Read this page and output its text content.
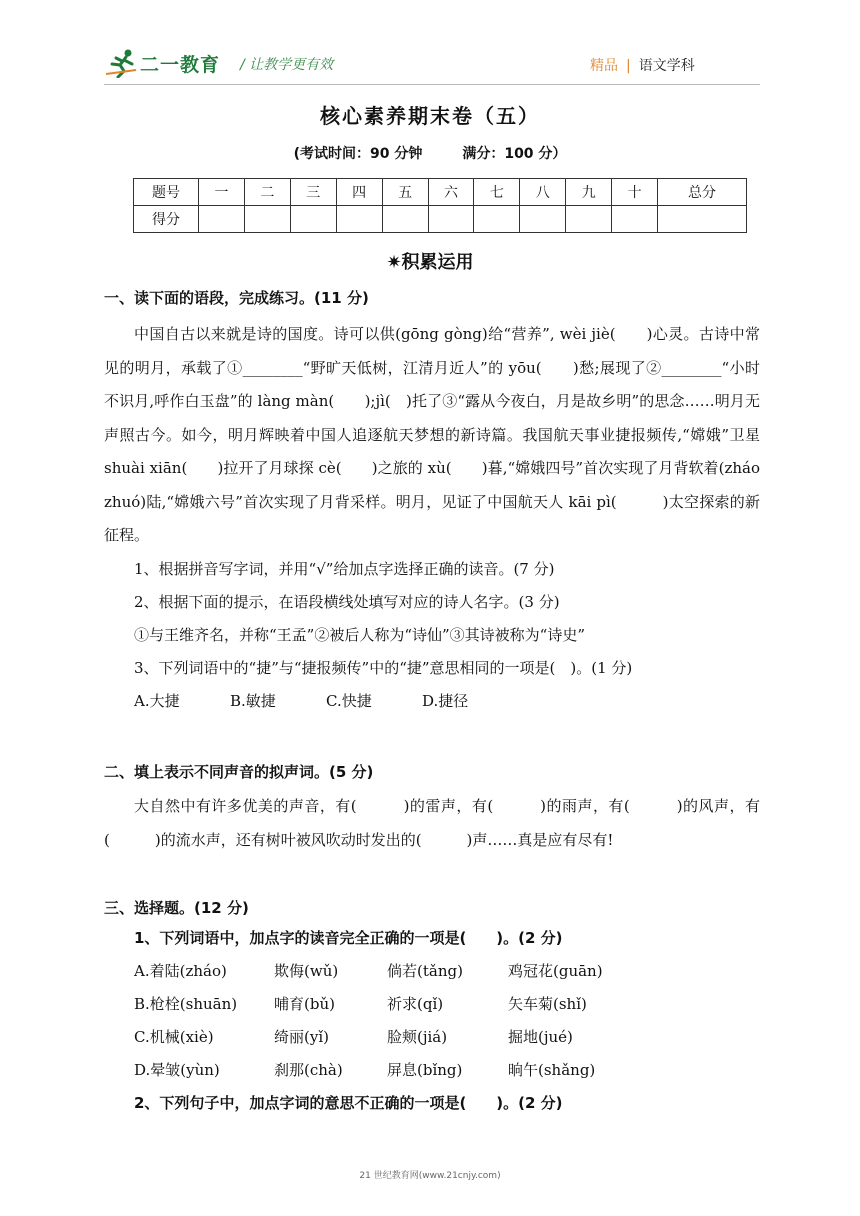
二一教育 / 让教学更有效	精品 | 语文学科
核心素养期末卷（五）
(考试时间：90 分钟	满分：100 分）
题号	一	二	三	四	五	六	七	八	九	十	总分
得分											
✷积累运用
一、读下面的语段，完成练习。(11 分)

中国自古以来就是诗的国度。诗可以供(gōng gòng)给“营养”, wèi jiè(　　)心灵。古诗中常见的明月，承载了①________“野旷天低树，江清月近人”的 yōu(　　)愁;展现了②________“小时不识月,呼作白玉盘”的 làng màn(　　);jì(　)托了③“露从今夜白，月是故乡明”的思念……明月无声照古今。如今，明月辉映着中国人追逐航天梦想的新诗篇。我国航天事业捷报频传,“嫦娥”卫星 shuài xiān(　　)拉开了月球探 cè(　　)之旅的 xù(　　)暮,“嫦娥四号”首次实现了月背软着(zháo zhuó)陆,“嫦娥六号”首次实现了月背采样。明月，见证了中国航天人 kāi pì(　　　)太空探索的新征程。

1、根据拼音写字词，并用“√”给加点字选择正确的读音。(7 分)

2、根据下面的提示，在语段横线处填写对应的诗人名字。(3 分)

①与王维齐名，并称“王孟”②被后人称为“诗仙”③其诗被称为“诗史”

3、下列词语中的“捷”与“捷报频传”中的“捷”意思相同的一项是(　)。(1 分)

A.大捷	B.敏捷	C.快捷	D.捷径
二、填上表示不同声音的拟声词。(5 分)

大自然中有许多优美的声音，有(　　　)的雷声，有(　　　)的雨声，有(　　　)的风声，有(　　　)的流水声，还有树叶被风吹动时发出的(　　　)声……真是应有尽有!

三、选择题。(12 分)

1、下列词语中，加点字的读音完全正确的一项是(　　)。(2 分)

A.着陆(zháo)	欺侮(wǔ)	倘若(tǎng)	鸡冠花(guān)
B.枪栓(shuān)	哺育(bǔ)	祈求(qǐ)	矢车菊(shǐ)
C.机械(xiè)	绮丽(yǐ)	脸颊(jiá)	掘地(jué)
D.晕皱(yùn)	刹那(chà)	屏息(bǐng)	晌午(shǎng)

2、下列句子中，加点字词的意思不正确的一项是(　　)。(2 分)

21 世纪教育网(www.21cnjy.com)
